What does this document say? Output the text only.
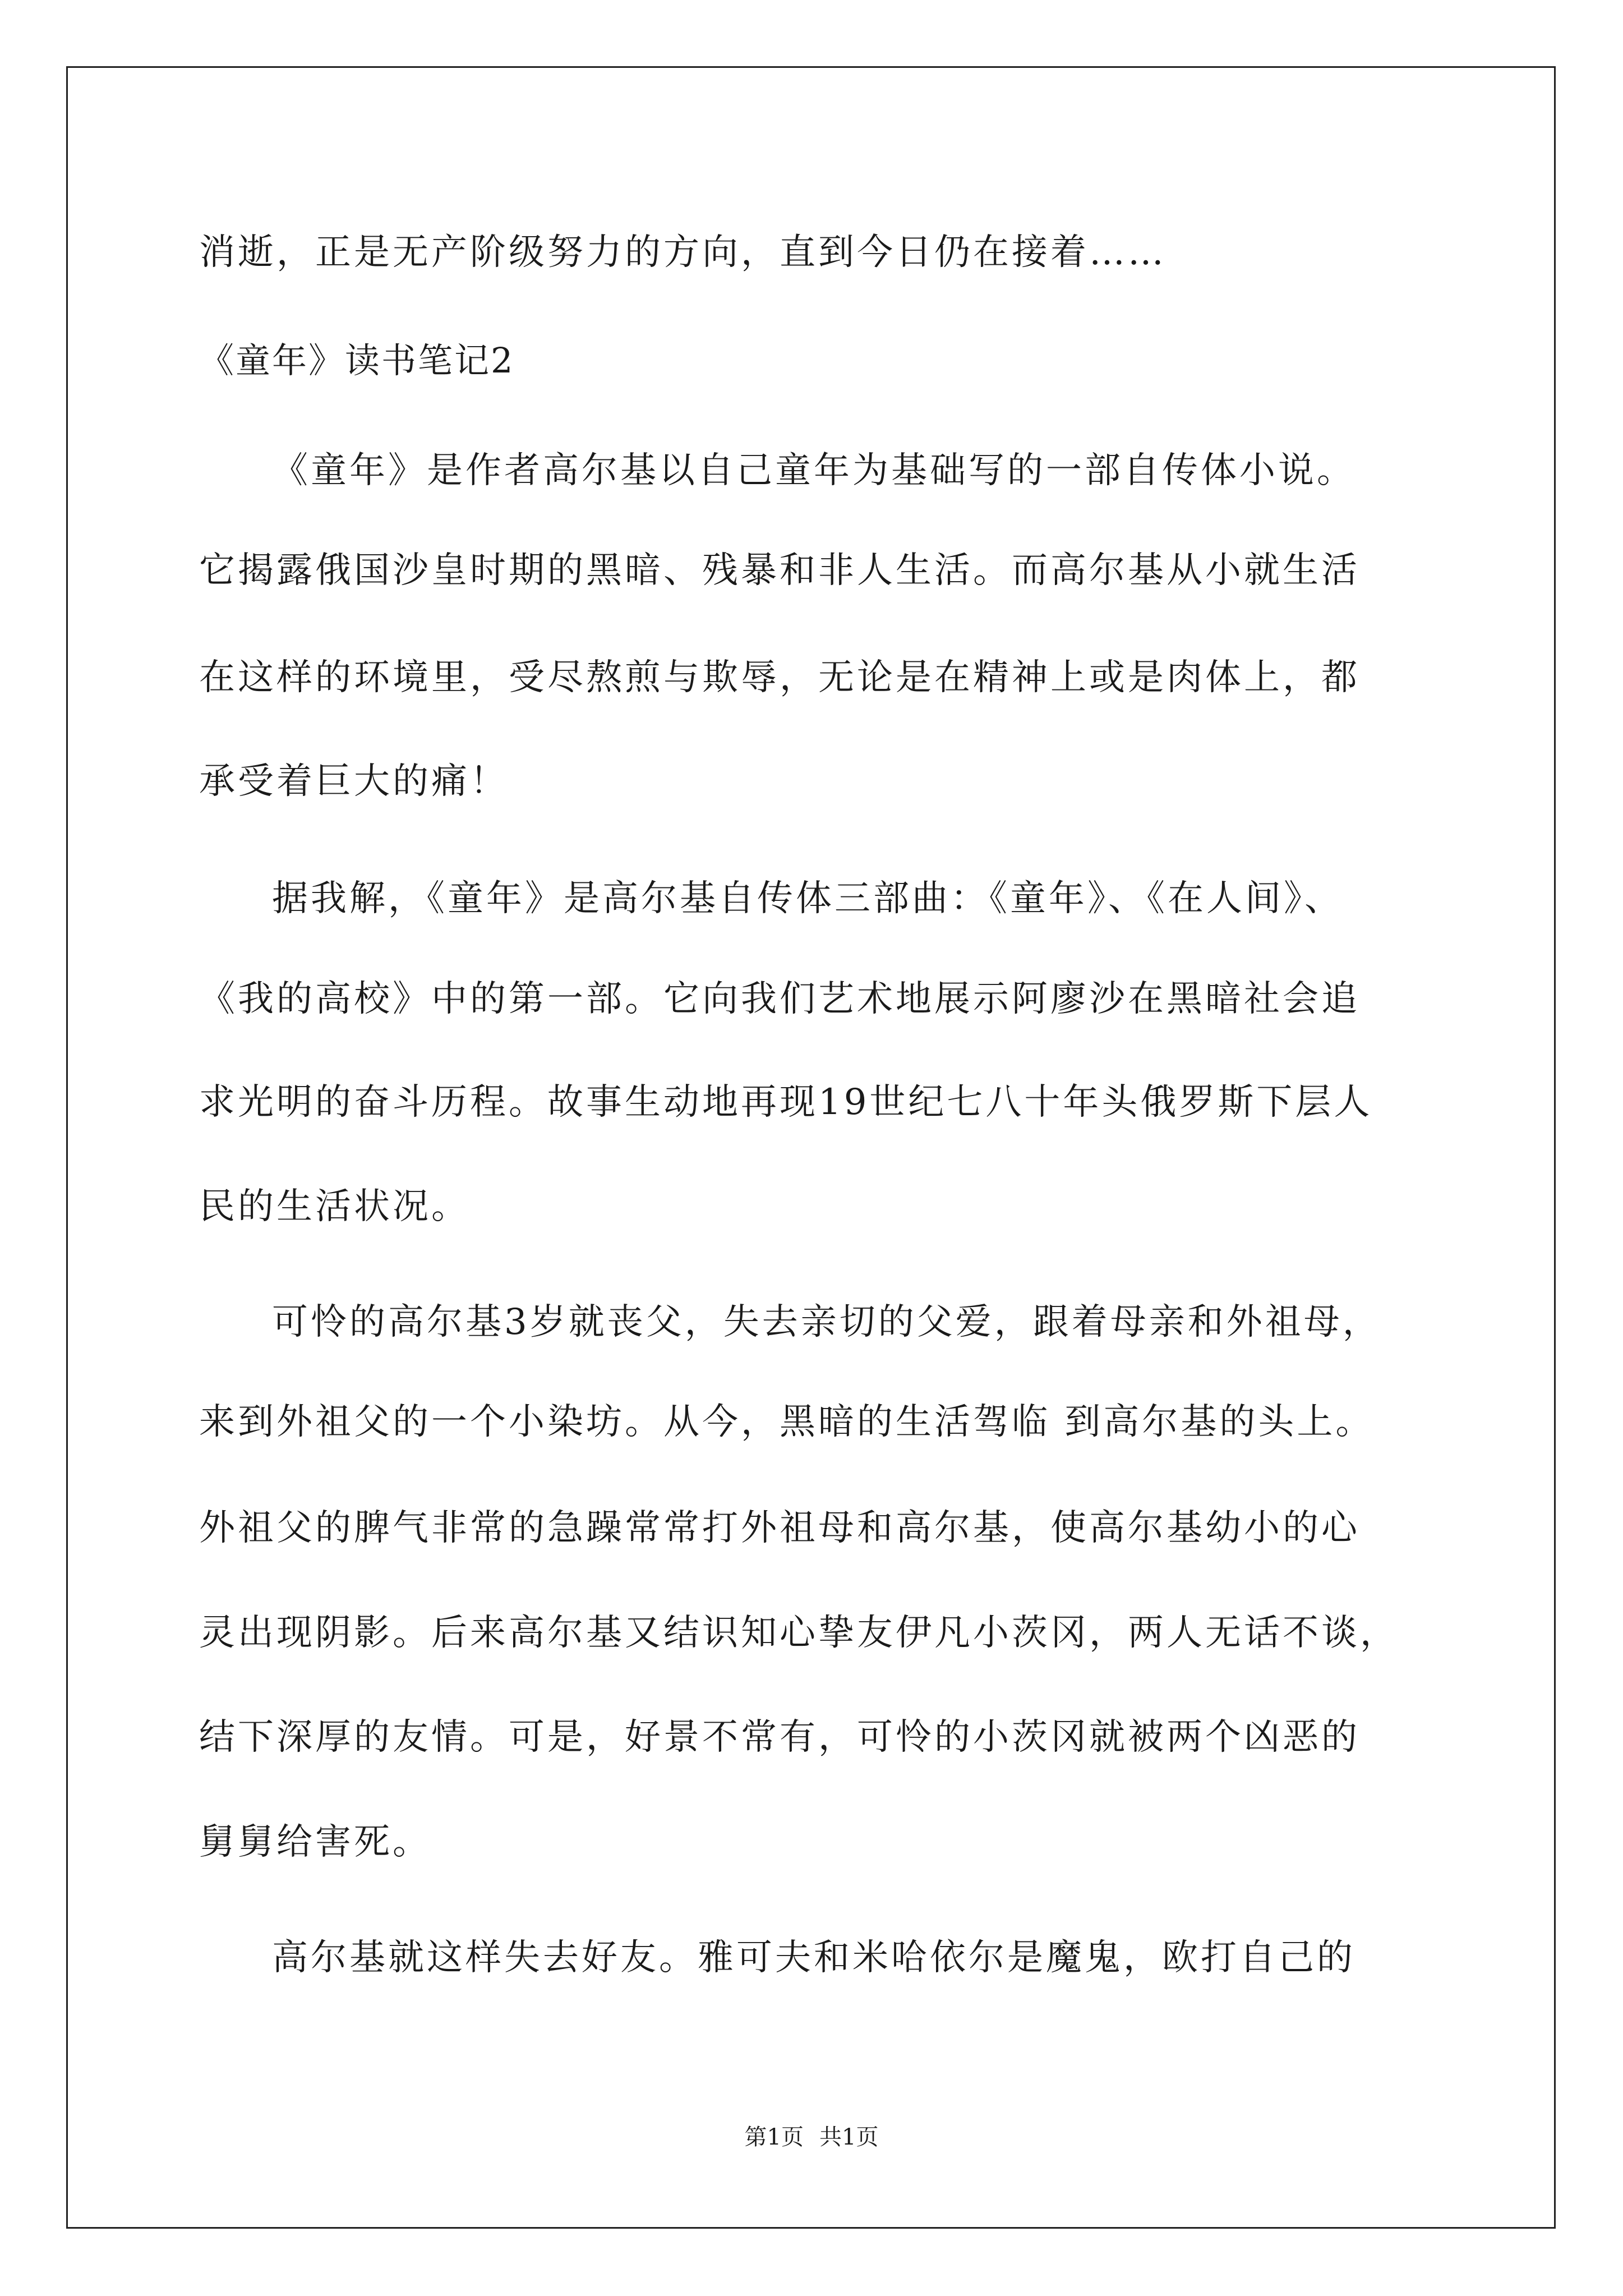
消逝，正是无产阶级努力的方向，直到今日仍在接着……

《童年》读书笔记2

《童年》是作者高尔基以自己童年为基础写的一部自传体小说。

它揭露俄国沙皇时期的黑暗、残暴和非人生活。而高尔基从小就生活

在这样的环境里，受尽熬煎与欺辱，无论是在精神上或是肉体上，都

承受着巨大的痛！

据我解，《童年》是高尔基自传体三部曲：《童年》、《在人间》、

《我的高校》中的第一部。它向我们艺术地展示阿廖沙在黑暗社会追

求光明的奋斗历程。故事生动地再现19世纪七八十年头俄罗斯下层人

民的生活状况。

可怜的高尔基3岁就丧父，失去亲切的父爱，跟着母亲和外祖母，

来到外祖父的一个小染坊。从今，黑暗的生活驾临 到高尔基的头上。

外祖父的脾气非常的急躁常常打外祖母和高尔基，使高尔基幼小的心

灵出现阴影。后来高尔基又结识知心挚友伊凡小茨冈，两人无话不谈，

结下深厚的友情。可是，好景不常有，可怜的小茨冈就被两个凶恶的

舅舅给害死。

高尔基就这样失去好友。雅可夫和米哈依尔是魔鬼，欧打自己的

第1页 共1页
